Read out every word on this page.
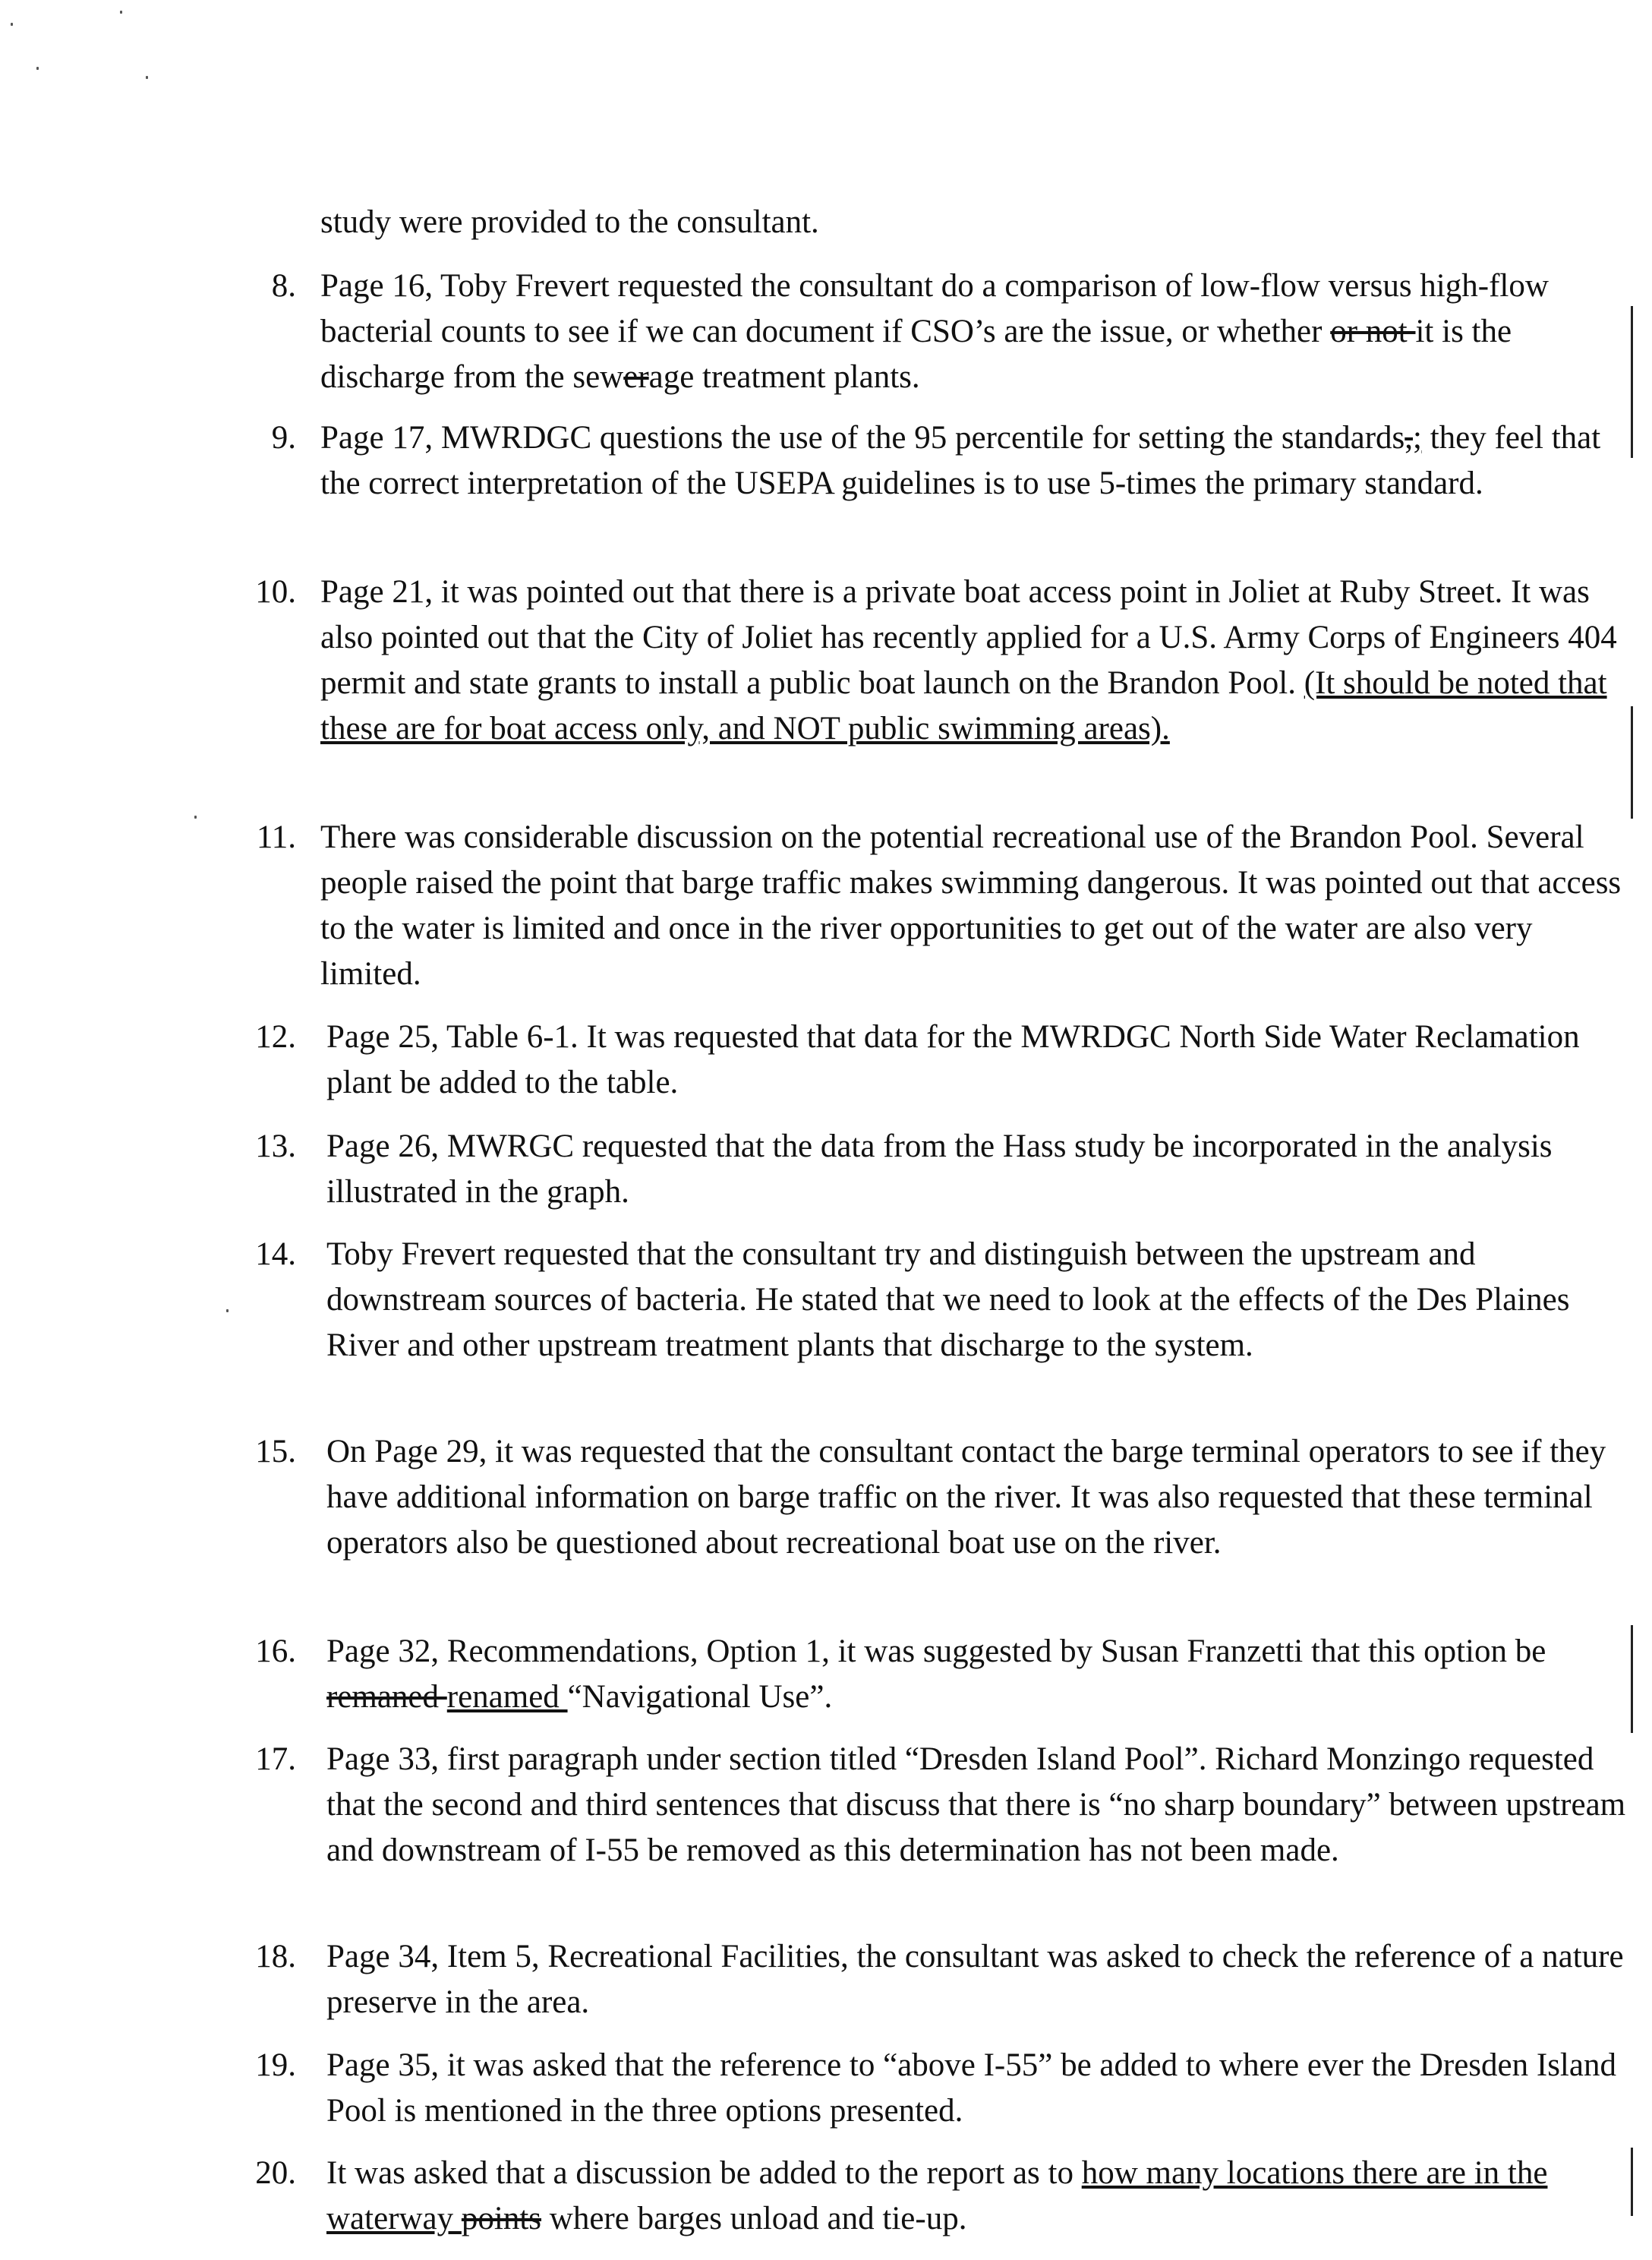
study were provided to the consultant.
8. Page 16, Toby Frevert requested the consultant do a comparison of low-flow versus high-flow bacterial counts to see if we can document if CSO’s are the issue, or whether or not it is the discharge from the sewerage treatment plants.
9. Page 17, MWRDGC questions the use of the 95 percentile for setting the standards,; they feel that the correct interpretation of the USEPA guidelines is to use 5-times the primary standard.
10. Page 21, it was pointed out that there is a private boat access point in Joliet at Ruby Street. It was also pointed out that the City of Joliet has recently applied for a U.S. Army Corps of Engineers 404 permit and state grants to install a public boat launch on the Brandon Pool. (It should be noted that these are for boat access only, and NOT public swimming areas).
11. There was considerable discussion on the potential recreational use of the Brandon Pool. Several people raised the point that barge traffic makes swimming dangerous. It was pointed out that access to the water is limited and once in the river opportunities to get out of the water are also very limited.
12. Page 25, Table 6-1. It was requested that data for the MWRDGC North Side Water Reclamation plant be added to the table.
13. Page 26, MWRGC requested that the data from the Hass study be incorporated in the analysis illustrated in the graph.
14. Toby Frevert requested that the consultant try and distinguish between the upstream and downstream sources of bacteria. He stated that we need to look at the effects of the Des Plaines River and other upstream treatment plants that discharge to the system.
15. On Page 29, it was requested that the consultant contact the barge terminal operators to see if they have additional information on barge traffic on the river. It was also requested that these terminal operators also be questioned about recreational boat use on the river.
16. Page 32, Recommendations, Option 1, it was suggested by Susan Franzetti that this option be remaned renamed “Navigational Use”.
17. Page 33, first paragraph under section titled “Dresden Island Pool”. Richard Monzingo requested that the second and third sentences that discuss that there is “no sharp boundary” between upstream and downstream of I-55 be removed as this determination has not been made.
18. Page 34, Item 5, Recreational Facilities, the consultant was asked to check the reference of a nature preserve in the area.
19. Page 35, it was asked that the reference to “above I-55” be added to where ever the Dresden Island Pool is mentioned in the three options presented.
20. It was asked that a discussion be added to the report as to how many locations there are in the waterway points where barges unload and tie-up.
